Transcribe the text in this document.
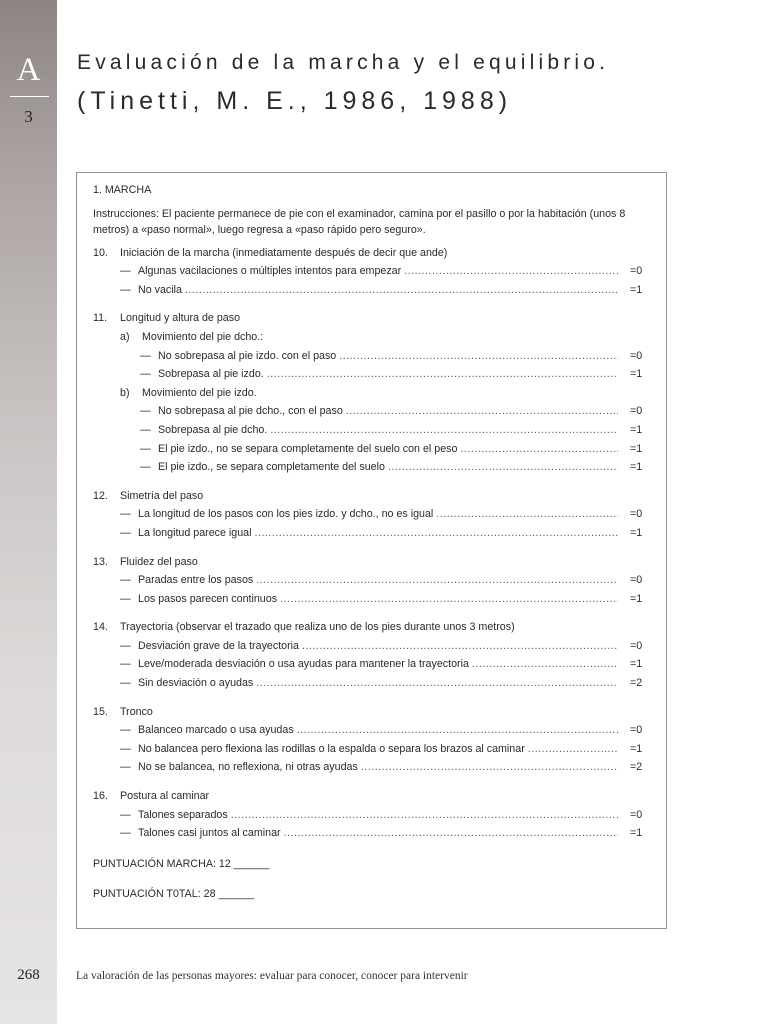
A
3
268
Evaluación de la marcha y el equilibrio.
(Tinetti, M. E., 1986, 1988)
1. MARCHA
Instrucciones: El paciente permanece de pie con el examinador, camina por el pasillo o por la habitación (unos 8 metros) a «paso normal», luego regresa a «paso rápido pero seguro».
10. Iniciación de la marcha (inmediatamente después de decir que ande)
— Algunas vacilaciones o múltiples intentos para empezar .....	=0
— No vacila .....	=1
11. Longitud y altura de paso
a)	Movimiento del pie dcho.:
— No sobrepasa al pie izdo. con el paso .....	=0
— Sobrepasa al pie izdo. .....	=1
b)	Movimiento del pie izdo.
— No sobrepasa al pie dcho., con el paso .....	=0
— Sobrepasa al pie dcho. .....	=1
— El pie izdo., no se separa completamente del suelo con el peso .....	=1
— El pie izdo., se separa completamente del suelo .....	=1
12. Simetría del paso
— La longitud de los pasos con los pies izdo. y dcho., no es igual .....	=0
— La longitud parece igual .....	=1
13. Fluidez del paso
— Paradas entre los pasos .....	=0
— Los pasos parecen continuos .....	=1
14. Trayectoria (observar el trazado que realiza uno de los pies durante unos 3 metros)
— Desviación grave de la trayectoria .....	=0
— Leve/moderada desviación o usa ayudas para mantener la trayectoria .....	=1
— Sin desviación o ayudas .....	=2
15. Tronco
— Balanceo marcado o usa ayudas .....	=0
— No balancea pero flexiona las rodillas o la espalda o separa los brazos al caminar .....	=1
— No se balancea, no reflexiona, ni otras ayudas .....	=2
16. Postura al caminar
— Talones separados .....	=0
— Talones casi juntos al caminar .....	=1
PUNTUACIÓN MARCHA: 12 ______
PUNTUACIÓN T0TAL: 28 ______
La valoración de las personas mayores: evaluar para conocer, conocer para intervenir
